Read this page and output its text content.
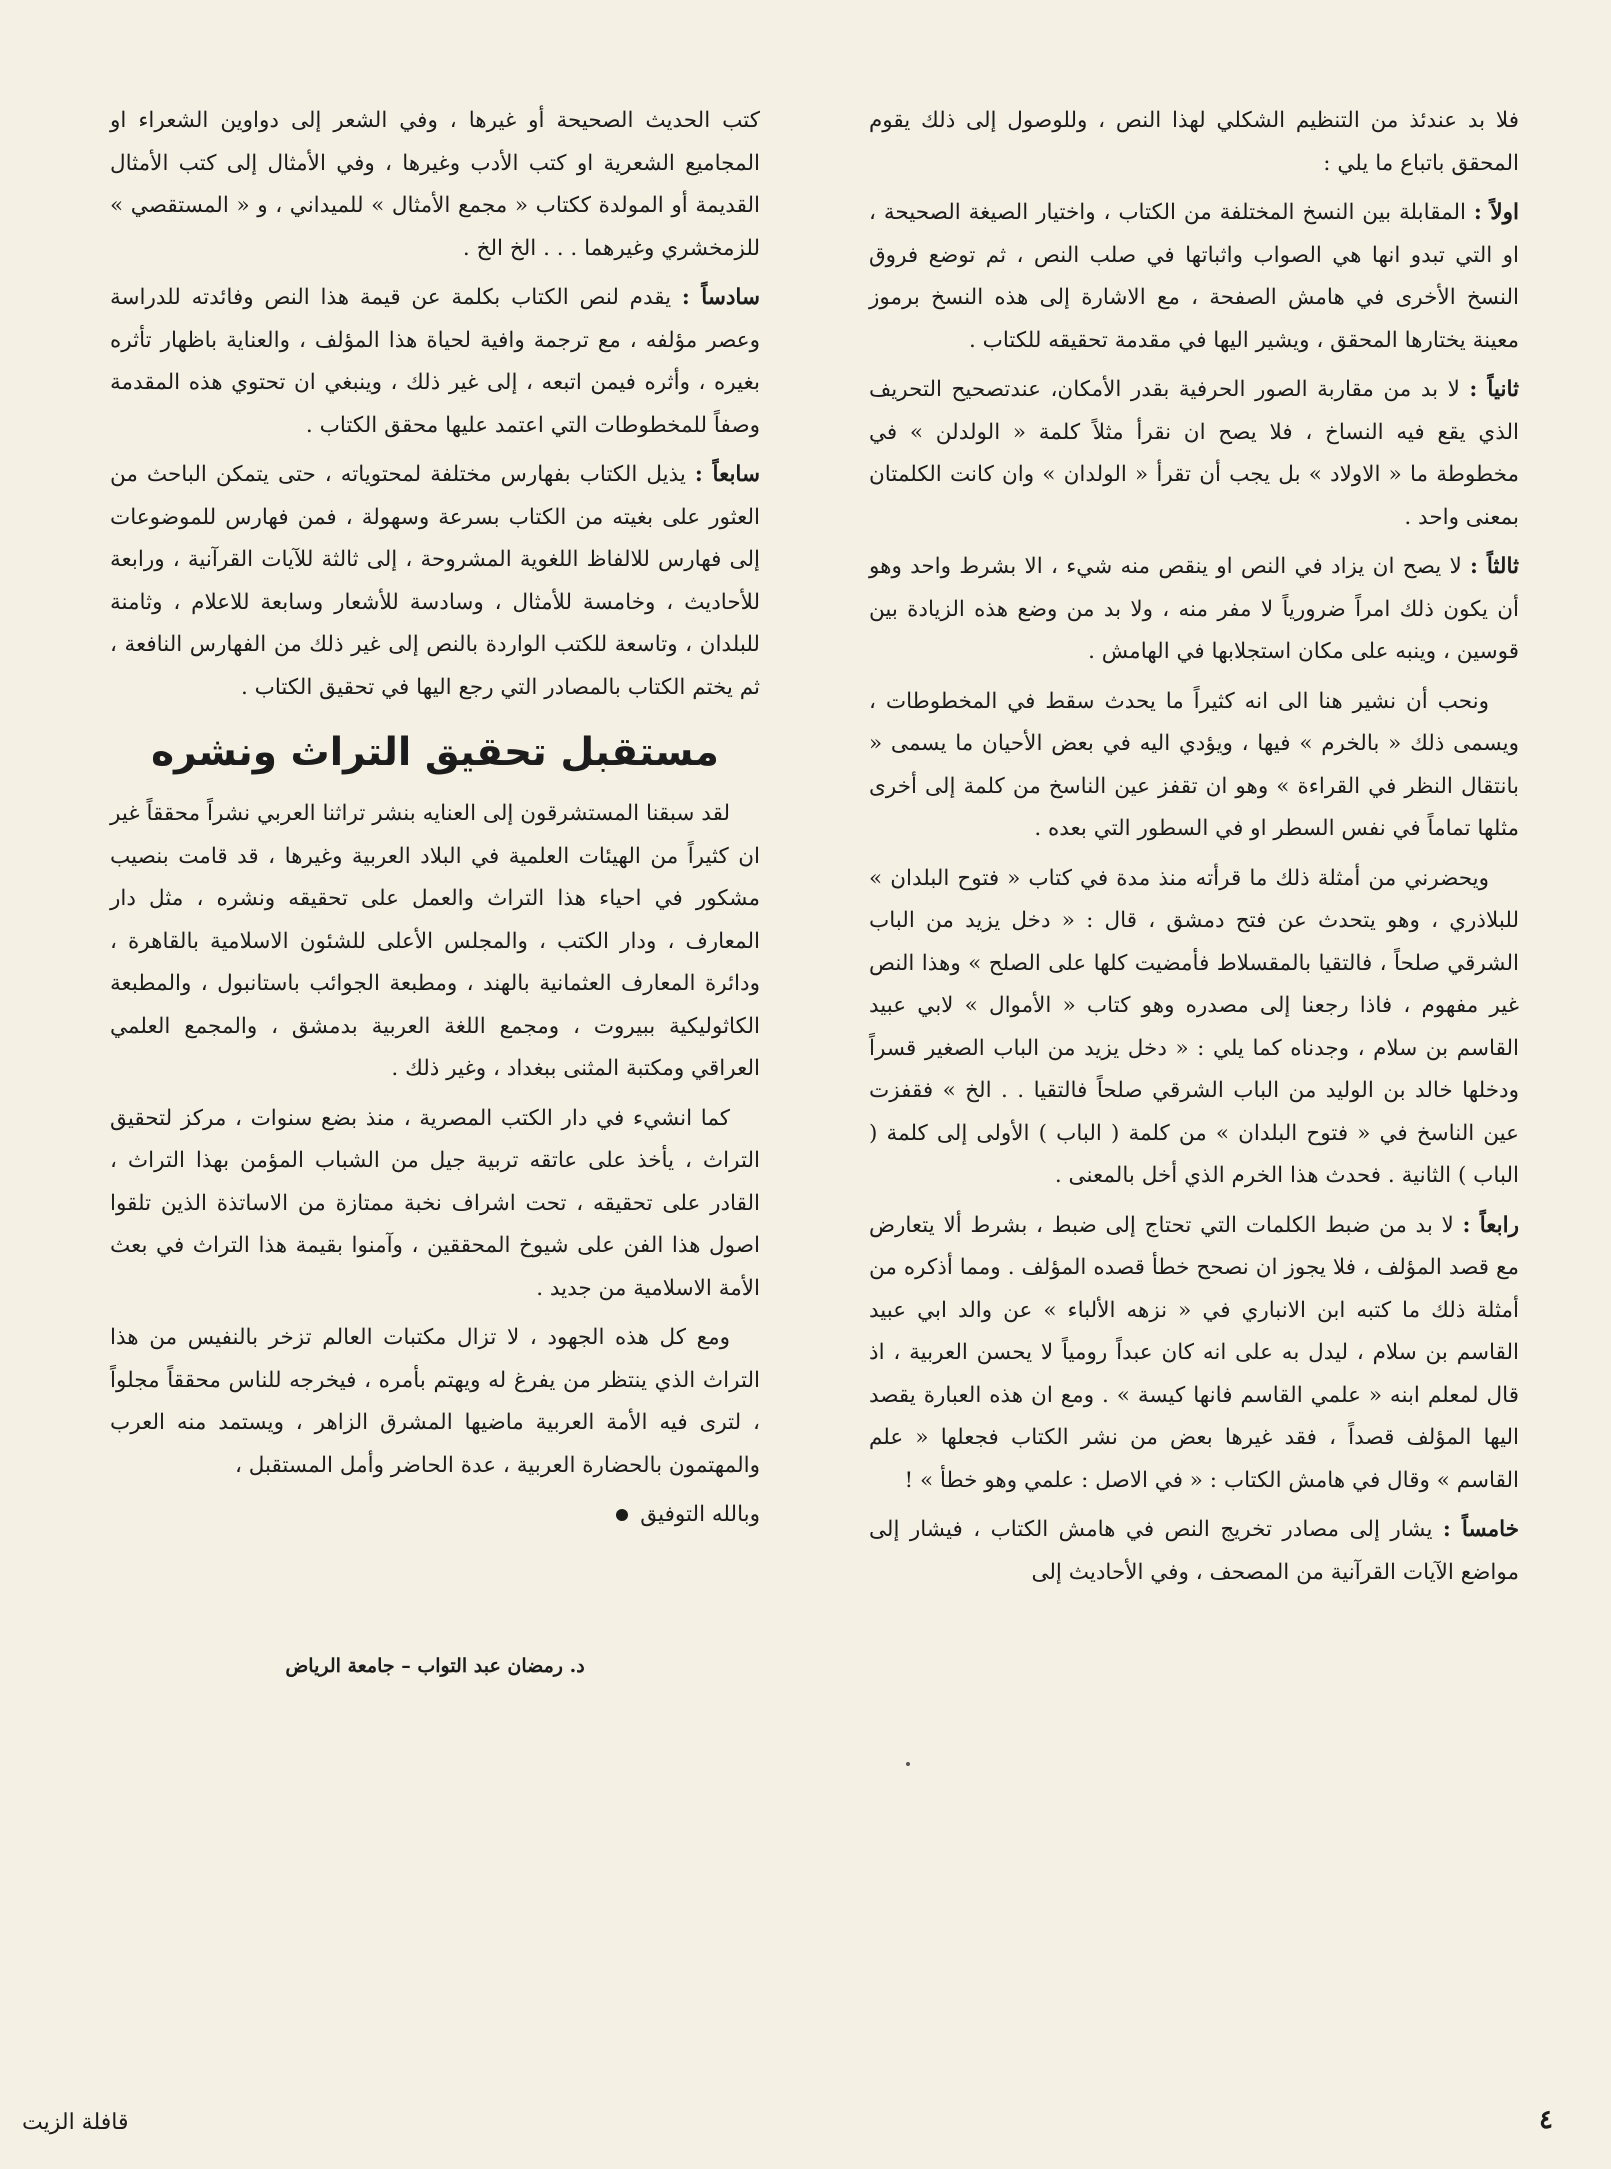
فلا بد عندئذ من التنظيم الشكلي لهذا النص ، وللوصول إلى ذلك يقوم المحقق باتباع ما يلي :

اولاً : المقابلة بين النسخ المختلفة من الكتاب ، واختيار الصيغة الصحيحة ، او التي تبدو انها هي الصواب واثباتها في صلب النص ، ثم توضع فروق النسخ الأخرى في هامش الصفحة ، مع الاشارة إلى هذه النسخ برموز معينة يختارها المحقق ، ويشير اليها في مقدمة تحقيقه للكتاب .

ثانياً : لا بد من مقاربة الصور الحرفية بقدر الأمكان، عندتصحيح التحريف الذي يقع فيه النساخ ، فلا يصح ان نقرأ مثلاً كلمة « الولدلن » في مخطوطة ما « الاولاد » بل يجب أن تقرأ « الولدان » وان كانت الكلمتان بمعنى واحد .

ثالثاً : لا يصح ان يزاد في النص او ينقص منه شيء ، الا بشرط واحد وهو أن يكون ذلك امراً ضرورياً لا مفر منه ، ولا بد من وضع هذه الزيادة بين قوسين ، وينبه على مكان استجلابها في الهامش .

ونحب أن نشير هنا الى انه كثيراً ما يحدث سقط في المخطوطات ، ويسمى ذلك « بالخرم » فيها ، ويؤدي اليه في بعض الأحيان ما يسمى « بانتقال النظر في القراءة » وهو ان تقفز عين الناسخ من كلمة إلى أخرى مثلها تماماً في نفس السطر او في السطور التي بعده .

ويحضرني من أمثلة ذلك ما قرأته منذ مدة في كتاب « فتوح البلدان » للبلاذري ، وهو يتحدث عن فتح دمشق ، قال : « دخل يزيد من الباب الشرقي صلحاً ، فالتقيا بالمقسلاط فأمضيت كلها على الصلح » وهذا النص غير مفهوم ، فاذا رجعنا إلى مصدره وهو كتاب « الأموال » لابي عبيد القاسم بن سلام ، وجدناه كما يلي : « دخل يزيد من الباب الصغير قسراً ودخلها خالد بن الوليد من الباب الشرقي صلحاً فالتقيا . . الخ » فقفزت عين الناسخ في « فتوح البلدان » من كلمة ( الباب ) الأولى إلى كلمة ( الباب ) الثانية . فحدث هذا الخرم الذي أخل بالمعنى .

رابعاً : لا بد من ضبط الكلمات التي تحتاج إلى ضبط ، بشرط ألا يتعارض مع قصد المؤلف ، فلا يجوز ان نصحح خطأ قصده المؤلف . ومما أذكره من أمثلة ذلك ما كتبه ابن الانباري في « نزهه الألباء » عن والد ابي عبيد القاسم بن سلام ، ليدل به على انه كان عبداً رومياً لا يحسن العربية ، اذ قال لمعلم ابنه « علمي القاسم فانها كيسة » . ومع ان هذه العبارة يقصد اليها المؤلف قصداً ، فقد غيرها بعض من نشر الكتاب فجعلها « علم القاسم » وقال في هامش الكتاب : « في الاصل : علمي وهو خطأ » !

خامساً : يشار إلى مصادر تخريج النص في هامش الكتاب ، فيشار إلى مواضع الآيات القرآنية من المصحف ، وفي الأحاديث إلى

كتب الحديث الصحيحة أو غيرها ، وفي الشعر إلى دواوين الشعراء او المجاميع الشعرية او كتب الأدب وغيرها ، وفي الأمثال إلى كتب الأمثال القديمة أو المولدة ككتاب « مجمع الأمثال » للميداني ، و « المستقصي » للزمخشري وغيرهما . . . الخ الخ .

سادساً : يقدم لنص الكتاب بكلمة عن قيمة هذا النص وفائدته للدراسة وعصر مؤلفه ، مع ترجمة وافية لحياة هذا المؤلف ، والعناية باظهار تأثره بغيره ، وأثره فيمن اتبعه ، إلى غير ذلك ، وينبغي ان تحتوي هذه المقدمة وصفاً للمخطوطات التي اعتمد عليها محقق الكتاب .

سابعاً : يذيل الكتاب بفهارس مختلفة لمحتوياته ، حتى يتمكن الباحث من العثور على بغيته من الكتاب بسرعة وسهولة ، فمن فهارس للموضوعات إلى فهارس للالفاظ اللغوية المشروحة ، إلى ثالثة للآيات القرآنية ، ورابعة للأحاديث ، وخامسة للأمثال ، وسادسة للأشعار وسابعة للاعلام ، وثامنة للبلدان ، وتاسعة للكتب الواردة بالنص إلى غير ذلك من الفهارس النافعة ، ثم يختم الكتاب بالمصادر التي رجع اليها في تحقيق الكتاب .

مستقبل تحقيق التراث ونشره

لقد سبقنا المستشرقون إلى العنايه بنشر تراثنا العربي نشراً محققاً غير ان كثيراً من الهيئات العلمية في البلاد العربية وغيرها ، قد قامت بنصيب مشكور في احياء هذا التراث والعمل على تحقيقه ونشره ، مثل دار المعارف ، ودار الكتب ، والمجلس الأعلى للشئون الاسلامية بالقاهرة ، ودائرة المعارف العثمانية بالهند ، ومطبعة الجوائب باستانبول ، والمطبعة الكاثوليكية ببيروت ، ومجمع اللغة العربية بدمشق ، والمجمع العلمي العراقي ومكتبة المثنى ببغداد ، وغير ذلك .

كما انشيء في دار الكتب المصرية ، منذ بضع سنوات ، مركز لتحقيق التراث ، يأخذ على عاتقه تربية جيل من الشباب المؤمن بهذا التراث ، القادر على تحقيقه ، تحت اشراف نخبة ممتازة من الاساتذة الذين تلقوا اصول هذا الفن على شيوخ المحققين ، وآمنوا بقيمة هذا التراث في بعث الأمة الاسلامية من جديد .

ومع كل هذه الجهود ، لا تزال مكتبات العالم تزخر بالنفيس من هذا التراث الذي ينتظر من يفرغ له ويهتم بأمره ، فيخرجه للناس محققاً مجلواً ، لترى فيه الأمة العربية ماضيها المشرق الزاهر ، ويستمد منه العرب والمهتمون بالحضارة العربية ، عدة الحاضر وأمل المستقبل ،

وبالله التوفيق

د. رمضان عبد التواب – جامعة الرياض
٤
قافلة الزيت
